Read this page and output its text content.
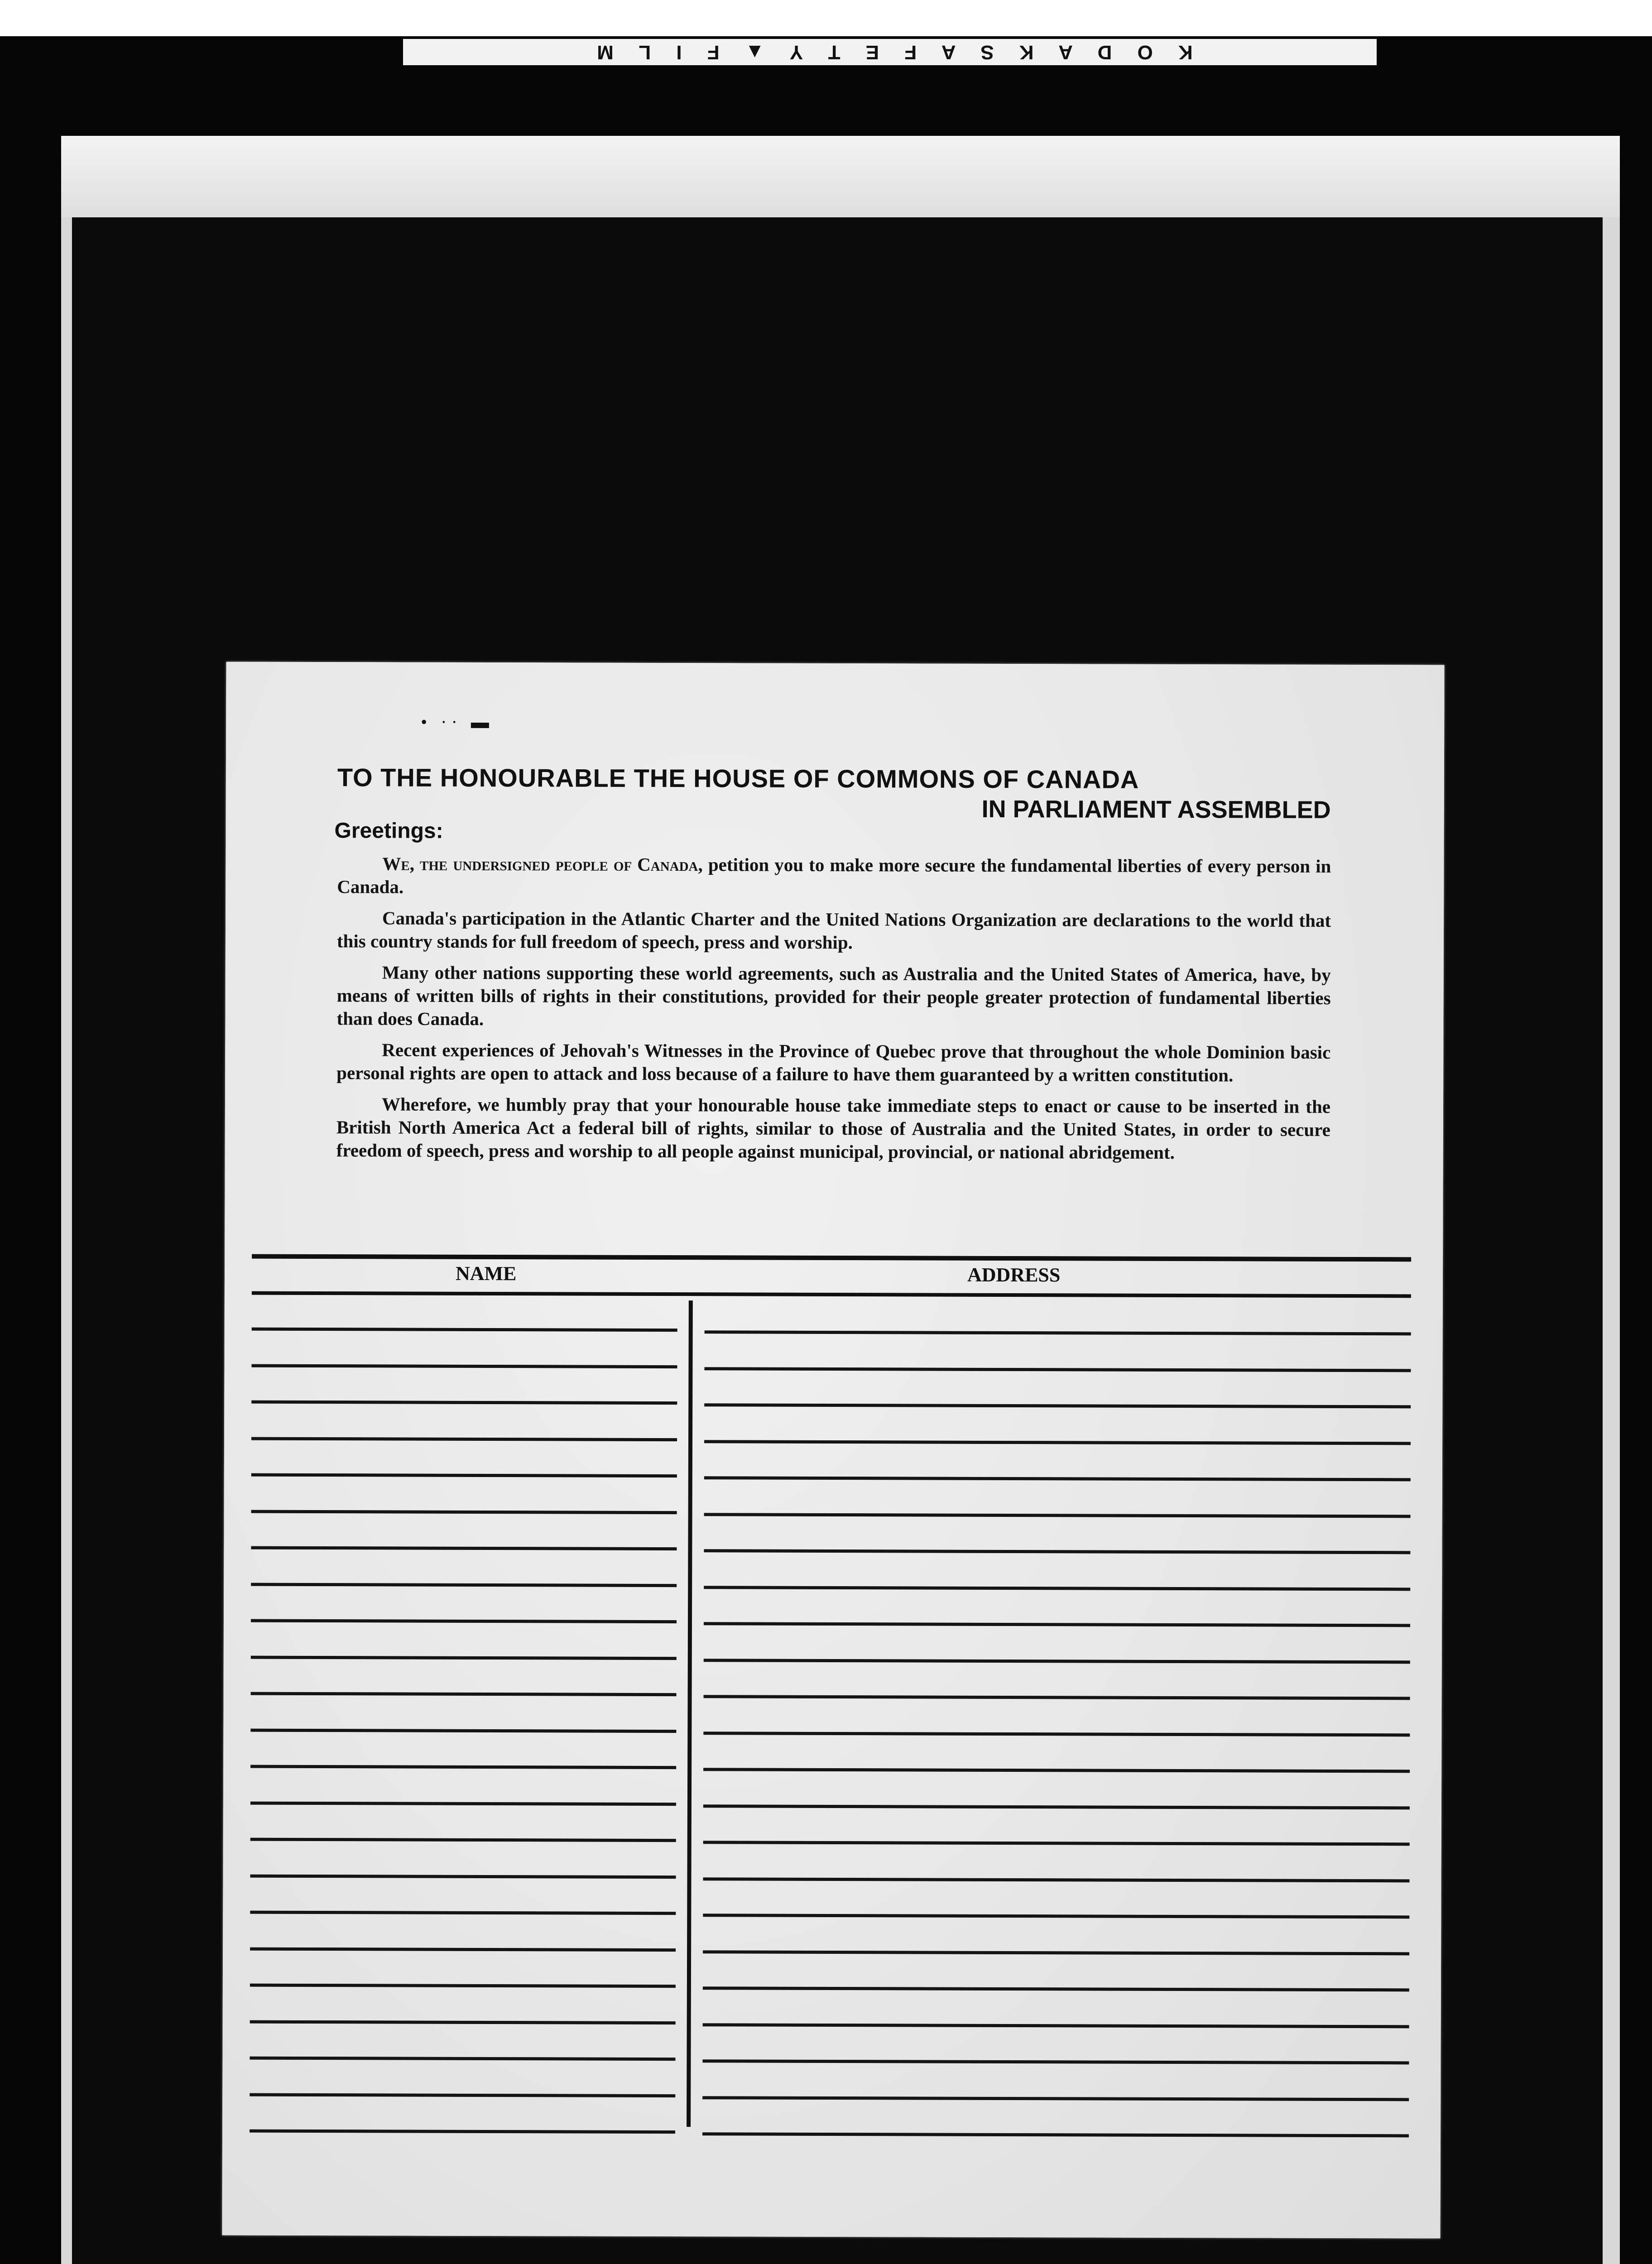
K O D A K S A F E T Y ▲ F I L M
• ·· ▬
TO THE HONOURABLE THE HOUSE OF COMMONS OF CANADA
IN PARLIAMENT ASSEMBLED
Greetings:

We, the undersigned people of Canada, petition you to make more secure the fundamental liberties of every person in Canada.

Canada's participation in the Atlantic Charter and the United Nations Organization are declarations to the world that this country stands for full freedom of speech, press and worship.

Many other nations supporting these world agreements, such as Australia and the United States of America, have, by means of written bills of rights in their constitutions, provided for their people greater protection of fundamental liberties than does Canada.

Recent experiences of Jehovah's Witnesses in the Province of Quebec prove that throughout the whole Dominion basic personal rights are open to attack and loss because of a failure to have them guaranteed by a written constitution.

Wherefore, we humbly pray that your honourable house take immediate steps to enact or cause to be inserted in the British North America Act a federal bill of rights, similar to those of Australia and the United States, in order to secure freedom of speech, press and worship to all people against municipal, provincial, or national abridgement.

NAME	ADDRESS
